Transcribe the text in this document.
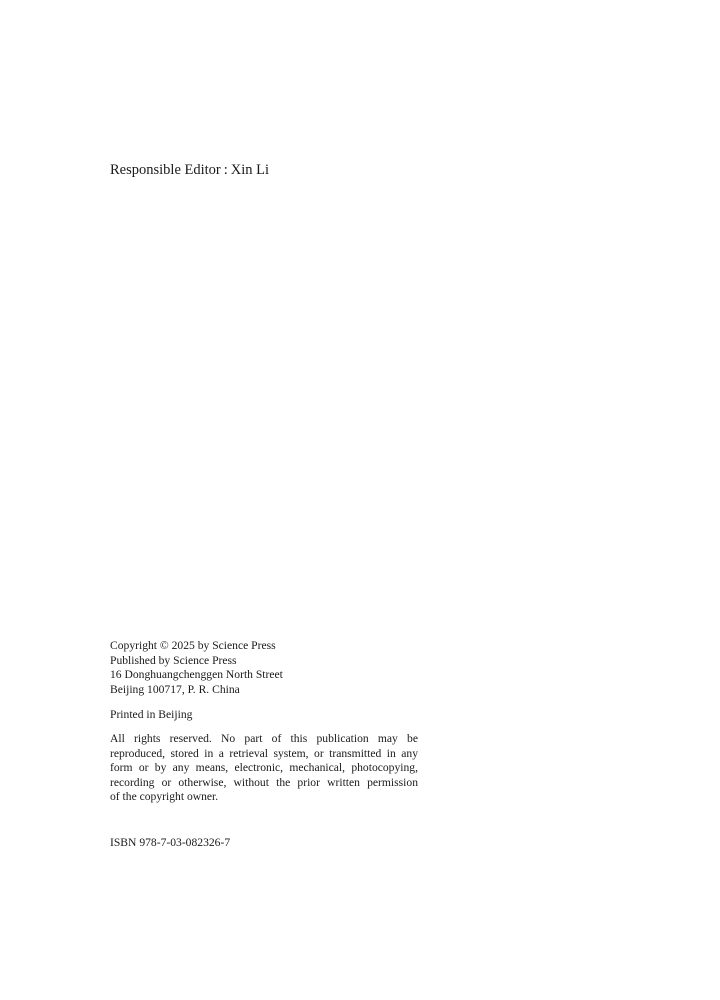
Responsible Editor : Xin Li
Copyright © 2025 by Science Press
Published by Science Press
16 Donghuangchenggen North Street
Beijing 100717, P. R. China
Printed in Beijing
All rights reserved. No part of this publication may be
reproduced, stored in a retrieval system, or transmitted in any
form or by any means, electronic, mechanical, photocopying,
recording or otherwise, without the prior written permission
of the copyright owner.
ISBN 978-7-03-082326-7
